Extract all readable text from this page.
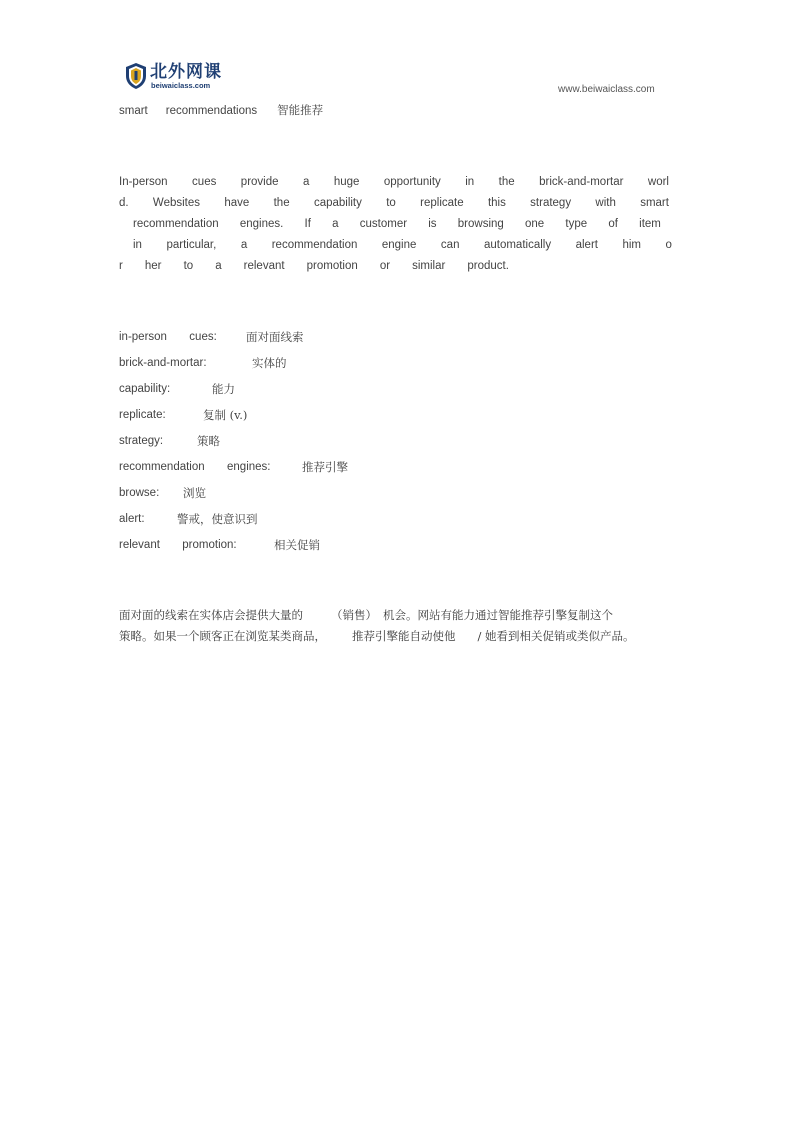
北外网课
beiwaiclass.com	www.beiwaiclass.com
smart recommendations 智能推荐
In-person cues provide a huge opportunity in the brick-and-mortar worl
d. Websites have the capability to replicate this strategy with smart
recommendation engines. If a customer is browsing one type of item
in particular, a recommendation engine can automatically alert him o
r her to a relevant promotion or similar product.
in-person       cues:	面对面线索
brick-and-mortar:	实体的
capability:	能力
replicate:	复制 (v.)
strategy:	策略
recommendation       engines:	推荐引擎
browse: 浏览
alert:	警戒，使意识到
relevant       promotion:	相关促销
面对面的线索在实体店会提供大量的 （销售） 机会。网站有能力通过智能推荐引擎复制这个
策略。如果一个顾客正在浏览某类商品， 推荐引擎能自动使他 / 她看到相关促销或类似产品。
